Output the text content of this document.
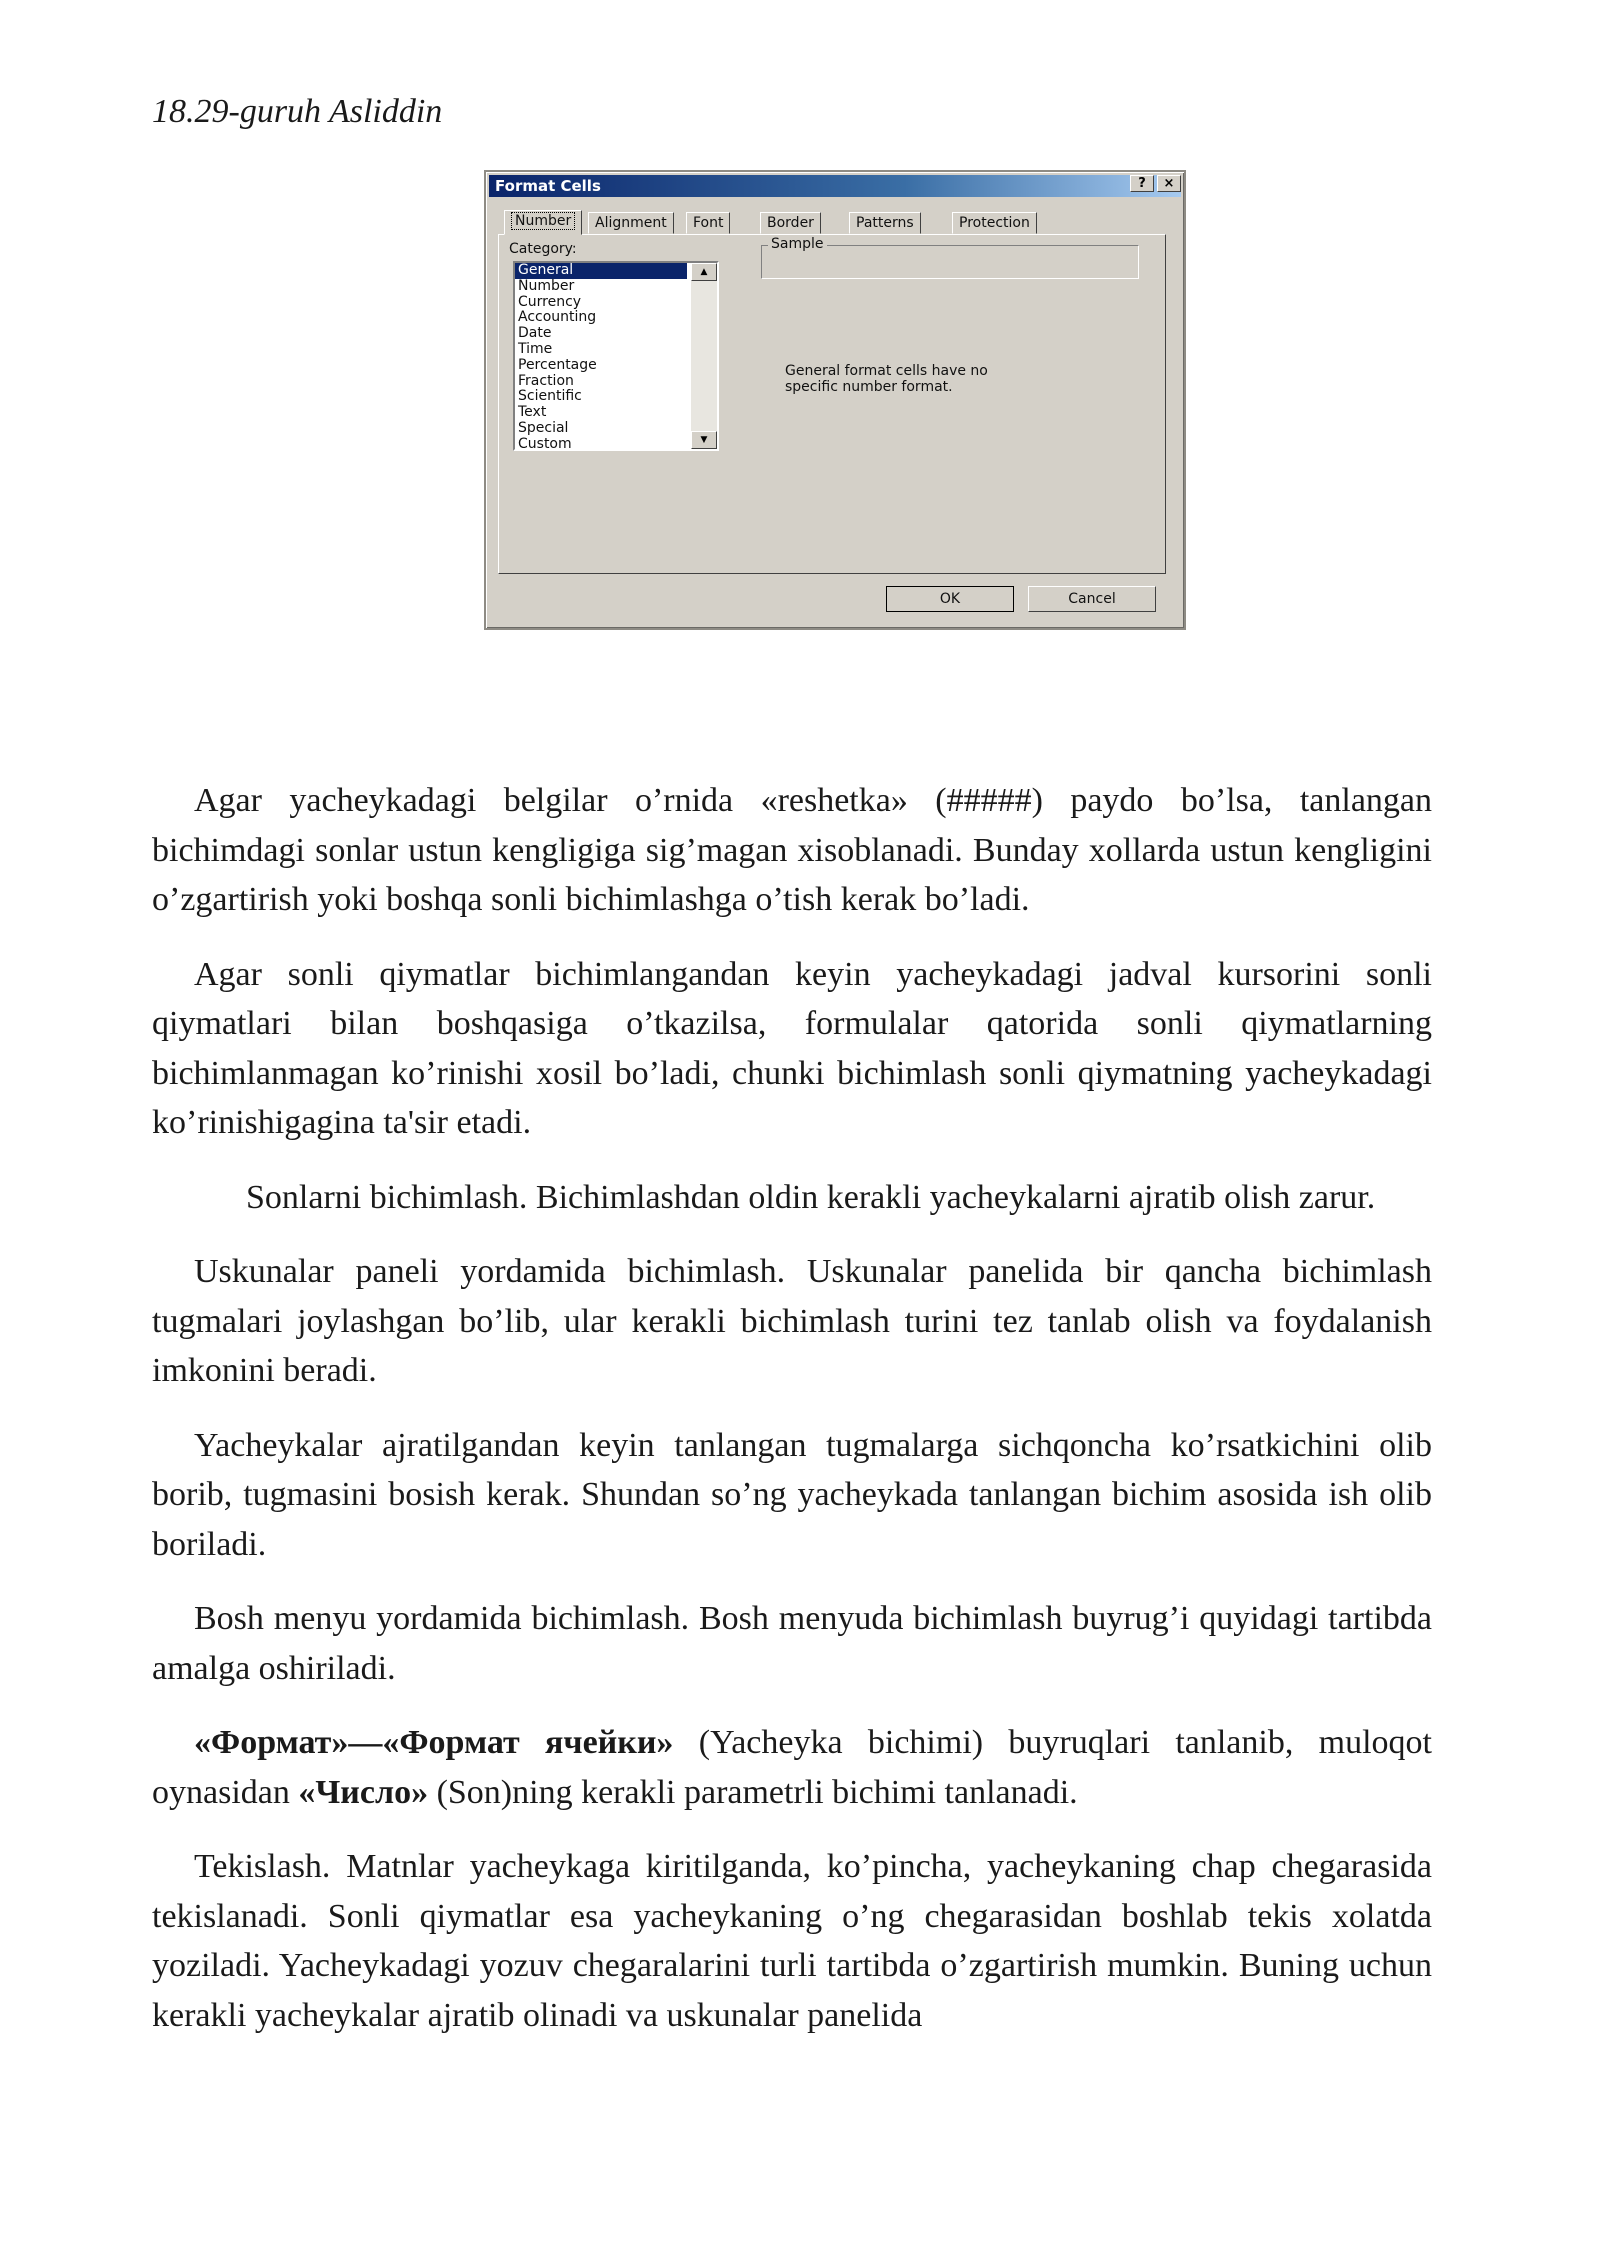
18.29-guruh Asliddin
Format Cells	?	×
Number	Alignment	Font	Border	Patterns	Protection
Category:
General
Number
Currency
Accounting
Date
Time
Percentage
Fraction
Scientific
Text
Special
Custom
▲
▼
Sample
General format cells have no
specific number format.
OK	Cancel

Agar yacheykadagi belgilar o’rnida «reshetka» (#####) paydo bo’lsa, tanlangan bichimdagi sonlar ustun kengligiga sig’magan xisoblanadi. Bunday xollarda ustun kengligini o’zgartirish yoki boshqa sonli bichimlashga o’tish kerak bo’ladi.

Agar sonli qiymatlar bichimlangandan keyin yacheykadagi jadval kursorini sonli qiymatlari bilan boshqasiga o’tkazilsa, formulalar qatorida sonli qiymatlarning bichimlanmagan ko’rinishi xosil bo’ladi, chunki bichimlash sonli qiymatning yacheykadagi ko’rinishigagina ta'sir etadi.

Sonlarni bichimlash. Bichimlashdan oldin kerakli yacheykalarni ajratib olish zarur.

Uskunalar paneli yordamida bichimlash. Uskunalar panelida bir qancha bichimlash tugmalari joylashgan bo’lib, ular kerakli bichimlash turini tez tanlab olish va foydalanish imkonini beradi.

Yacheykalar ajratilgandan keyin tanlangan tugmalarga sichqoncha ko’rsatkichini olib borib, tugmasini bosish kerak. Shundan so’ng yacheykada tanlangan bichim asosida ish olib boriladi.

Bosh menyu yordamida bichimlash. Bosh menyuda bichimlash buyrug’i quyidagi tartibda amalga oshiriladi.

«Формат»—«Формат ячейки» (Yacheyka bichimi) buyruqlari tanlanib, muloqot oynasidan «Число» (Son)ning kerakli parametrli bichimi tanlanadi.

Tekislash. Matnlar yacheykaga kiritilganda, ko’pincha, yacheykaning chap chegarasida tekislanadi. Sonli qiymatlar esa yacheykaning o’ng chegarasidan boshlab tekis xolatda yoziladi. Yacheykadagi yozuv chegaralarini turli tartibda o’zgartirish mumkin. Buning uchun kerakli yacheykalar ajratib olinadi va uskunalar panelida
